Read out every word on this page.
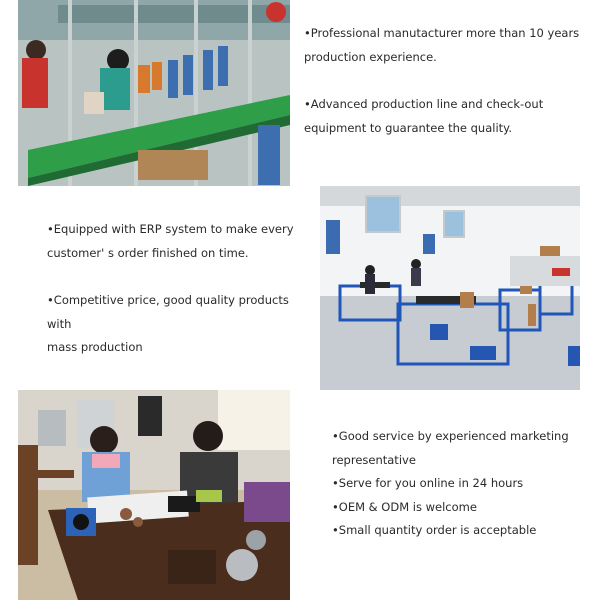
•Professional manutacturer more than 10 years

production experience.

•Advanced production line and check-out

equipment to guarantee the quality.

•Equipped with ERP system to make every

customer' s order finished on time.

•Competitive price, good quality products with

mass production

•Good service by experienced marketing

representative

•Serve for you online in 24 hours

•OEM & ODM is welcome

•Small quantity order is acceptable
